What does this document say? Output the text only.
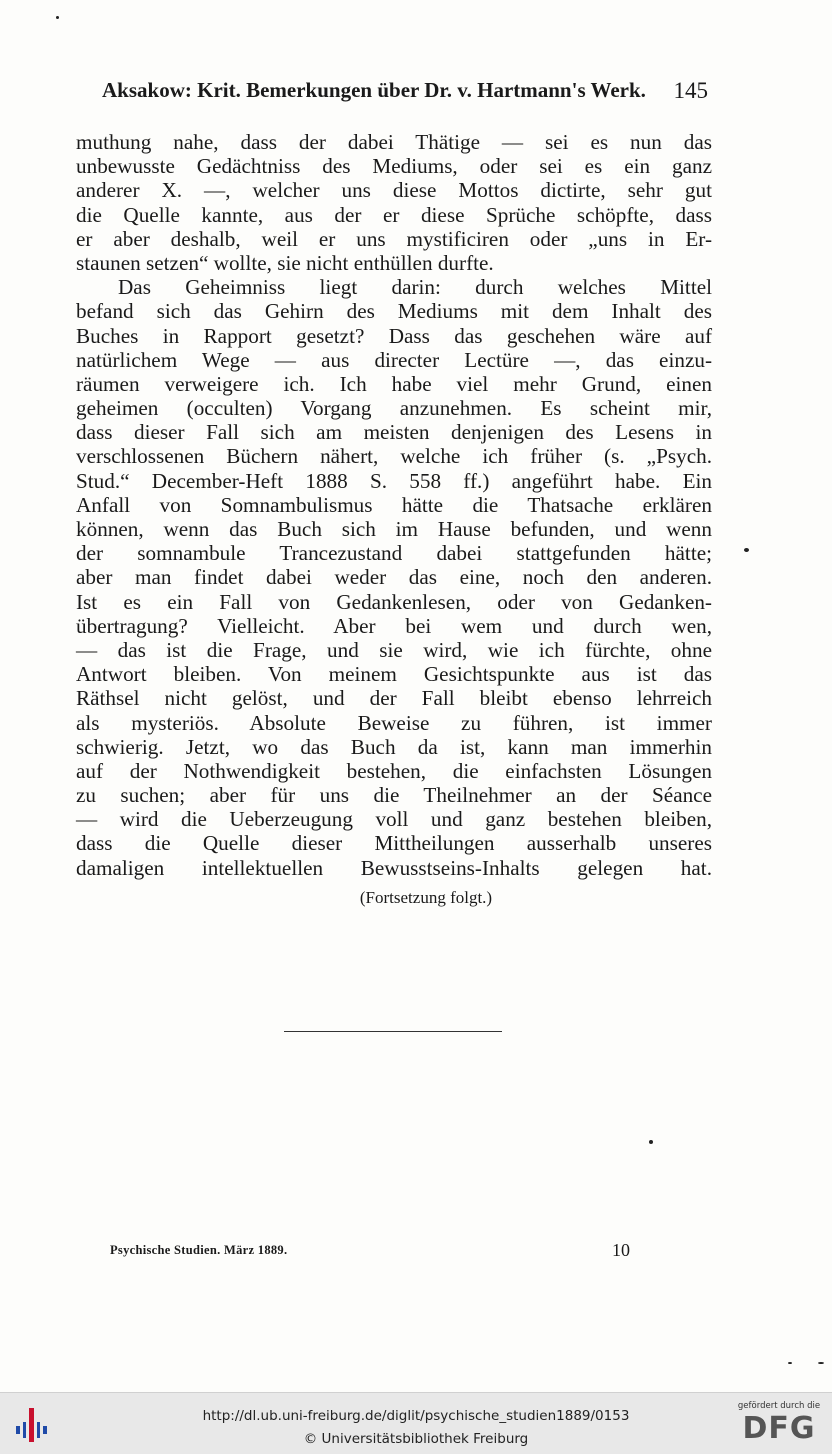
Aksakow: Krit. Bemerkungen über Dr. v. Hartmann's Werk. 145
muthung nahe, dass der dabei Thätige — sei es nun das
unbewusste Gedächtniss des Mediums, oder sei es ein ganz
anderer X. —, welcher uns diese Mottos dictirte, sehr gut
die Quelle kannte, aus der er diese Sprüche schöpfte, dass
er aber deshalb, weil er uns mystificiren oder „uns in Er-
staunen setzen“ wollte, sie nicht enthüllen durfte.
Das Geheimniss liegt darin: durch welches Mittel
befand sich das Gehirn des Mediums mit dem Inhalt des
Buches in Rapport gesetzt? Dass das geschehen wäre auf
natürlichem Wege — aus directer Lectüre —, das einzu-
räumen verweigere ich. Ich habe viel mehr Grund, einen
geheimen (occulten) Vorgang anzunehmen. Es scheint mir,
dass dieser Fall sich am meisten denjenigen des Lesens in
verschlossenen Büchern nähert, welche ich früher (s. „Psych.
Stud.“ December-Heft 1888 S. 558 ff.) angeführt habe. Ein
Anfall von Somnambulismus hätte die Thatsache erklären
können, wenn das Buch sich im Hause befunden, und wenn
der somnambule Trancezustand dabei stattgefunden hätte;
aber man findet dabei weder das eine, noch den anderen.
Ist es ein Fall von Gedankenlesen, oder von Gedanken-
übertragung? Vielleicht. Aber bei wem und durch wen,
— das ist die Frage, und sie wird, wie ich fürchte, ohne
Antwort bleiben. Von meinem Gesichtspunkte aus ist das
Räthsel nicht gelöst, und der Fall bleibt ebenso lehrreich
als mysteriös. Absolute Beweise zu führen, ist immer
schwierig. Jetzt, wo das Buch da ist, kann man immerhin
auf der Nothwendigkeit bestehen, die einfachsten Lösungen
zu suchen; aber für uns die Theilnehmer an der Séance
— wird die Ueberzeugung voll und ganz bestehen bleiben,
dass die Quelle dieser Mittheilungen ausserhalb unseres
damaligen intellektuellen Bewusstseins-Inhalts gelegen hat.
(Fortsetzung folgt.)
Psychische Studien. März 1889.	10
http://dl.ub.uni-freiburg.de/diglit/psychische_studien1889/0153
© Universitätsbibliothek Freiburg
gefördert durch die
DFG
